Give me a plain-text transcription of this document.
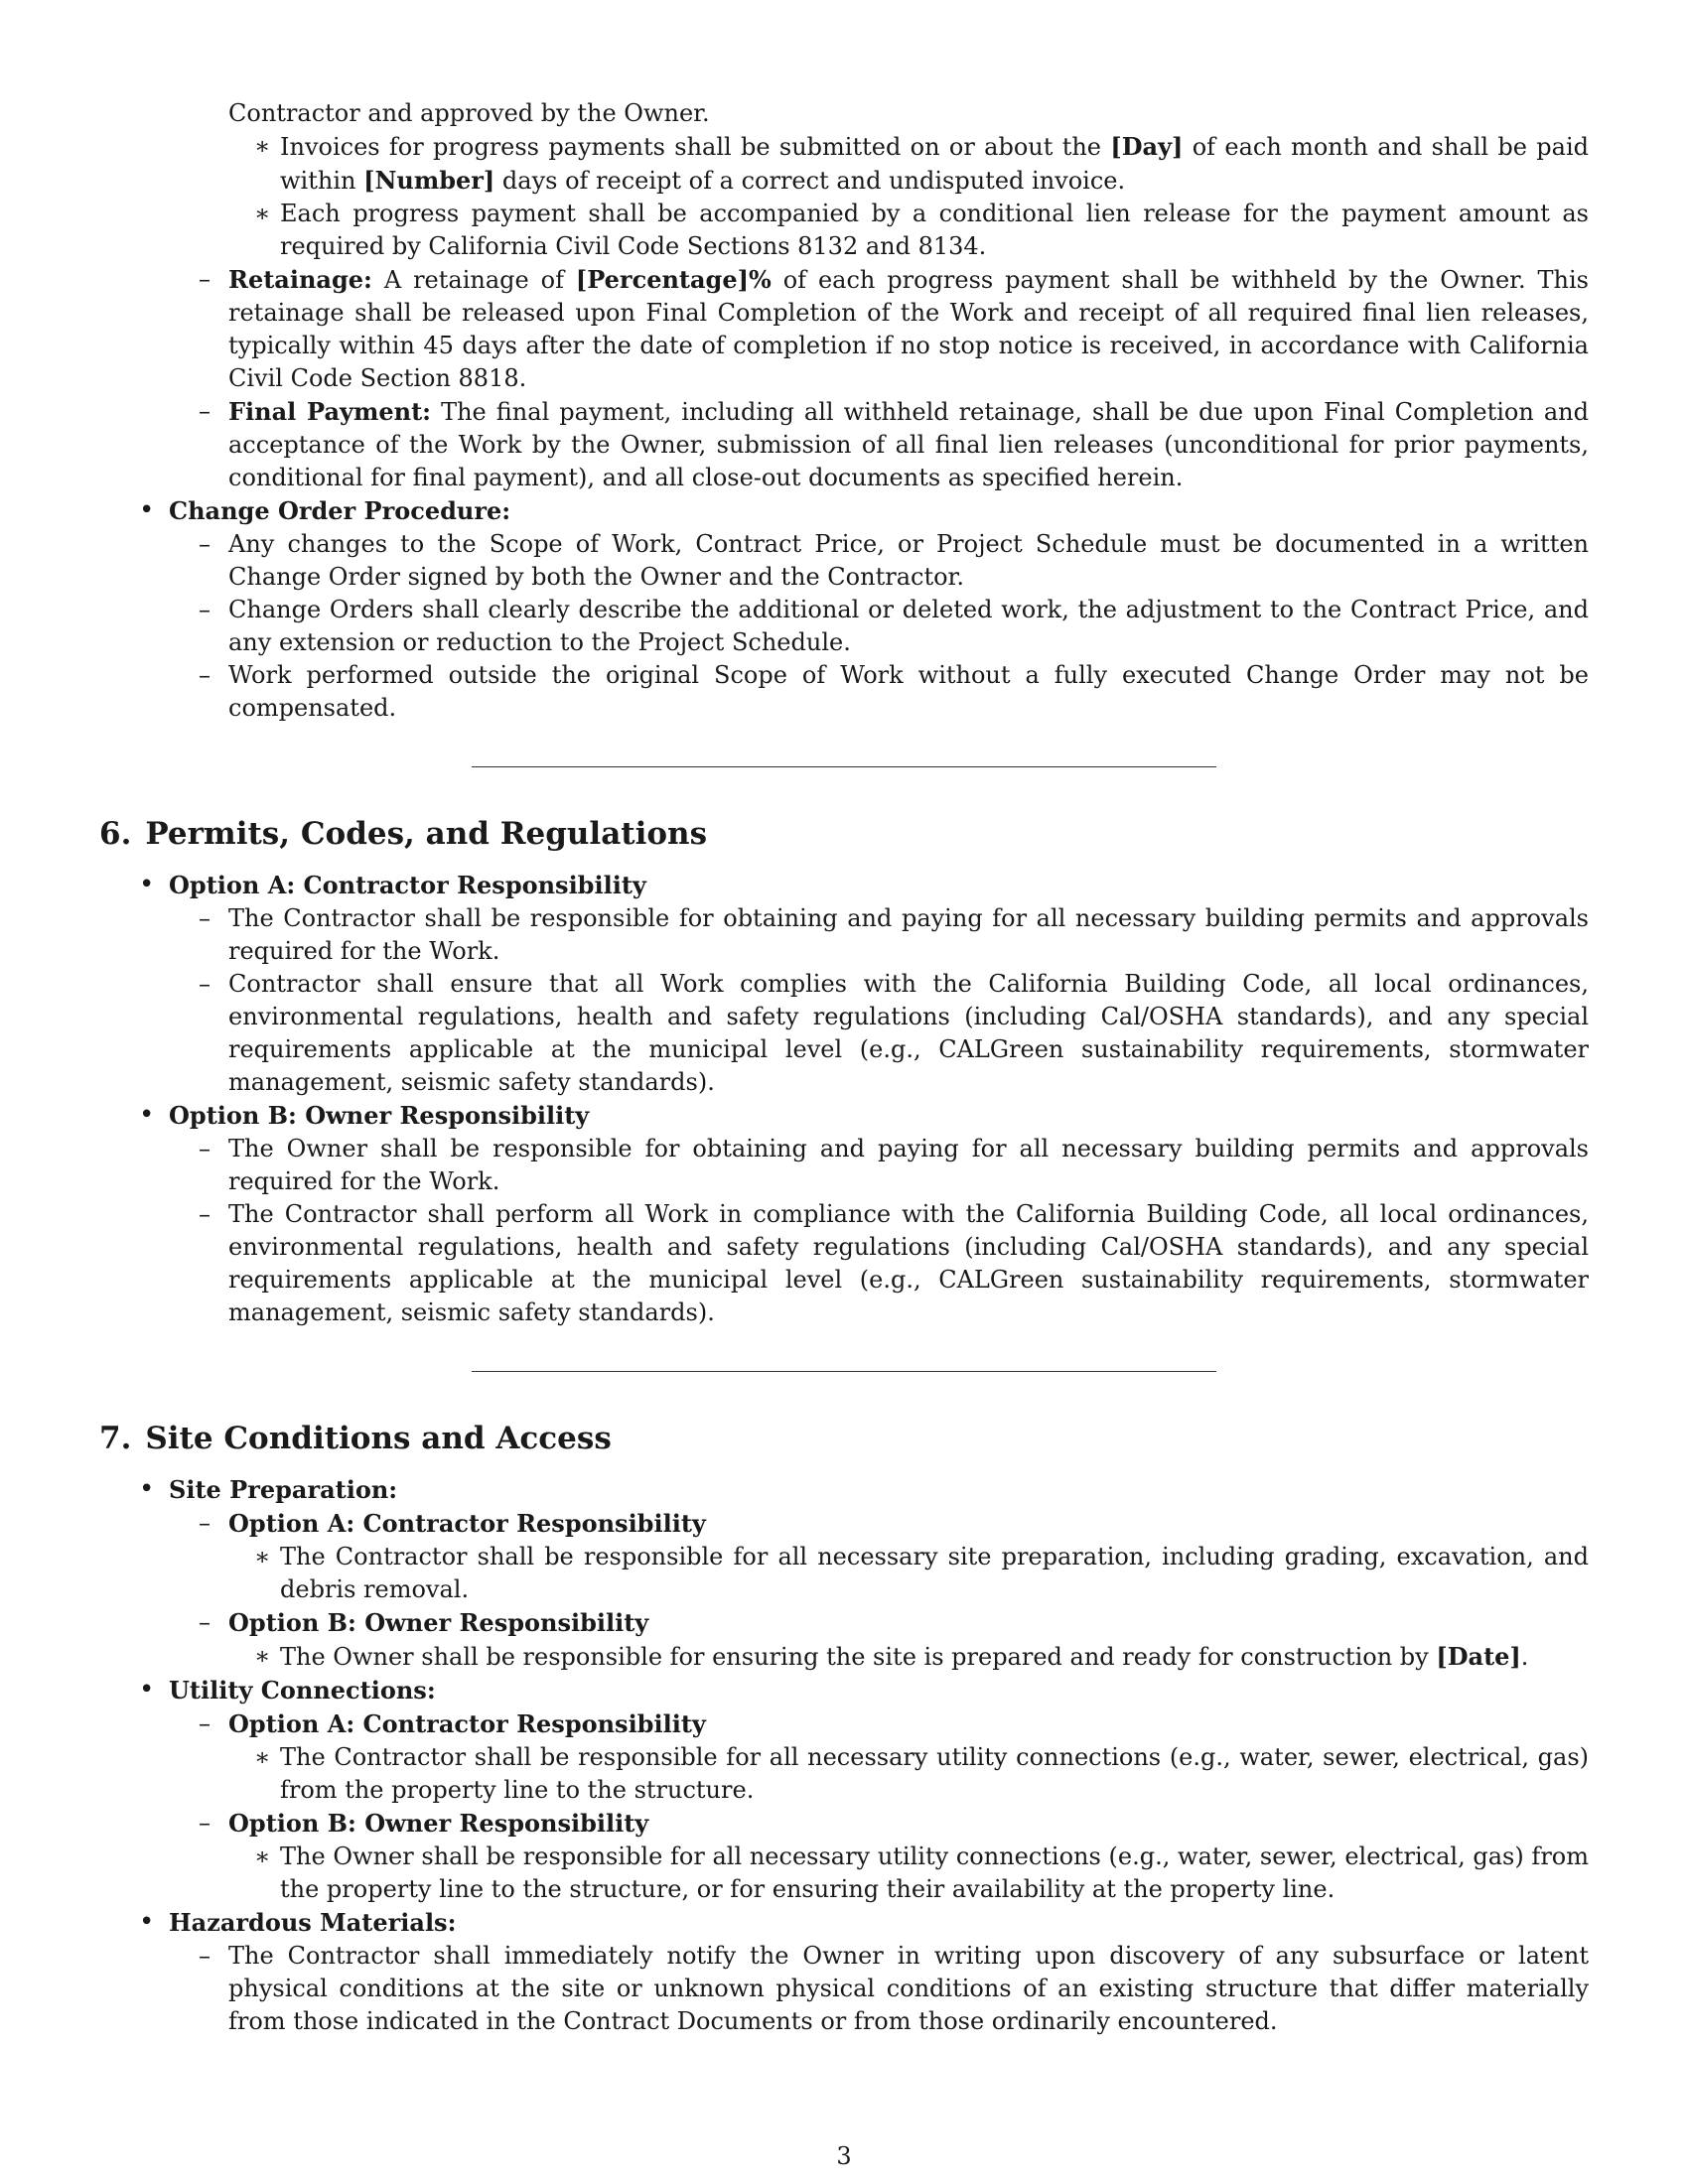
Contractor and approved by the Owner.
∗ Invoices for progress payments shall be submitted on or about the [Day] of each month and shall be paid within [Number] days of receipt of a correct and undisputed invoice.
∗ Each progress payment shall be accompanied by a conditional lien release for the payment amount as required by California Civil Code Sections 8132 and 8134.
– Retainage: A retainage of [Percentage]% of each progress payment shall be withheld by the Owner. This retainage shall be released upon Final Completion of the Work and receipt of all required final lien releases, typically within 45 days after the date of completion if no stop notice is received, in accordance with California Civil Code Section 8818.
– Final Payment: The final payment, including all withheld retainage, shall be due upon Final Completion and acceptance of the Work by the Owner, submission of all final lien releases (unconditional for prior payments, conditional for final payment), and all close-out documents as specified herein.
• Change Order Procedure:
– Any changes to the Scope of Work, Contract Price, or Project Schedule must be documented in a written Change Order signed by both the Owner and the Contractor.
– Change Orders shall clearly describe the additional or deleted work, the adjustment to the Contract Price, and any extension or reduction to the Project Schedule.
– Work performed outside the original Scope of Work without a fully executed Change Order may not be compensated.
6. Permits, Codes, and Regulations
• Option A: Contractor Responsibility
– The Contractor shall be responsible for obtaining and paying for all necessary building permits and approvals required for the Work.
– Contractor shall ensure that all Work complies with the California Building Code, all local ordinances, environmental regulations, health and safety regulations (including Cal/OSHA standards), and any special requirements applicable at the municipal level (e.g., CALGreen sustainability requirements, stormwater management, seismic safety standards).
• Option B: Owner Responsibility
– The Owner shall be responsible for obtaining and paying for all necessary building permits and approvals required for the Work.
– The Contractor shall perform all Work in compliance with the California Building Code, all local ordinances, environmental regulations, health and safety regulations (including Cal/OSHA standards), and any special requirements applicable at the municipal level (e.g., CALGreen sustainability requirements, stormwater management, seismic safety standards).
7. Site Conditions and Access
• Site Preparation:
– Option A: Contractor Responsibility
∗ The Contractor shall be responsible for all necessary site preparation, including grading, excavation, and debris removal.
– Option B: Owner Responsibility
∗ The Owner shall be responsible for ensuring the site is prepared and ready for construction by [Date].
• Utility Connections:
– Option A: Contractor Responsibility
∗ The Contractor shall be responsible for all necessary utility connections (e.g., water, sewer, electrical, gas) from the property line to the structure.
– Option B: Owner Responsibility
∗ The Owner shall be responsible for all necessary utility connections (e.g., water, sewer, electrical, gas) from the property line to the structure, or for ensuring their availability at the property line.
• Hazardous Materials:
– The Contractor shall immediately notify the Owner in writing upon discovery of any subsurface or latent physical conditions at the site or unknown physical conditions of an existing structure that differ materially from those indicated in the Contract Documents or from those ordinarily encountered.
3
